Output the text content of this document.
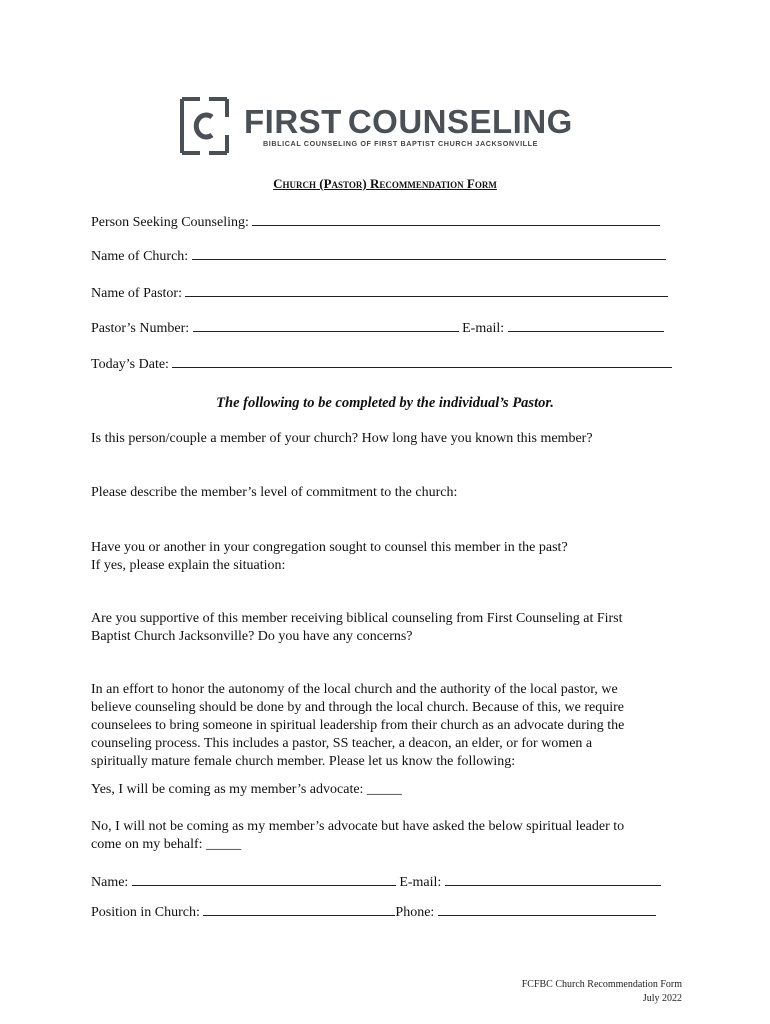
FIRST COUNSELING
BIBLICAL COUNSELING OF FIRST BAPTIST CHURCH JACKSONVILLE
Church (Pastor) Recommendation Form
Person Seeking Counseling:
Name of Church:
Name of Pastor:
Pastor’s Number:	E-mail:
Today’s Date:
The following to be completed by the individual’s Pastor.
Is this person/couple a member of your church? How long have you known this member?
Please describe the member’s level of commitment to the church:
Have you or another in your congregation sought to counsel this member in the past?
If yes, please explain the situation:
Are you supportive of this member receiving biblical counseling from First Counseling at First
Baptist Church Jacksonville? Do you have any concerns?
In an effort to honor the autonomy of the local church and the authority of the local pastor, we
believe counseling should be done by and through the local church. Because of this, we require
counselees to bring someone in spiritual leadership from their church as an advocate during the
counseling process. This includes a pastor, SS teacher, a deacon, an elder, or for women a
spiritually mature female church member. Please let us know the following:
Yes, I will be coming as my member’s advocate: _____
No, I will not be coming as my member’s advocate but have asked the below spiritual leader to
come on my behalf: _____
Name:	E-mail:
Position in Church:	Phone:
FCFBC Church Recommendation Form
July 2022
